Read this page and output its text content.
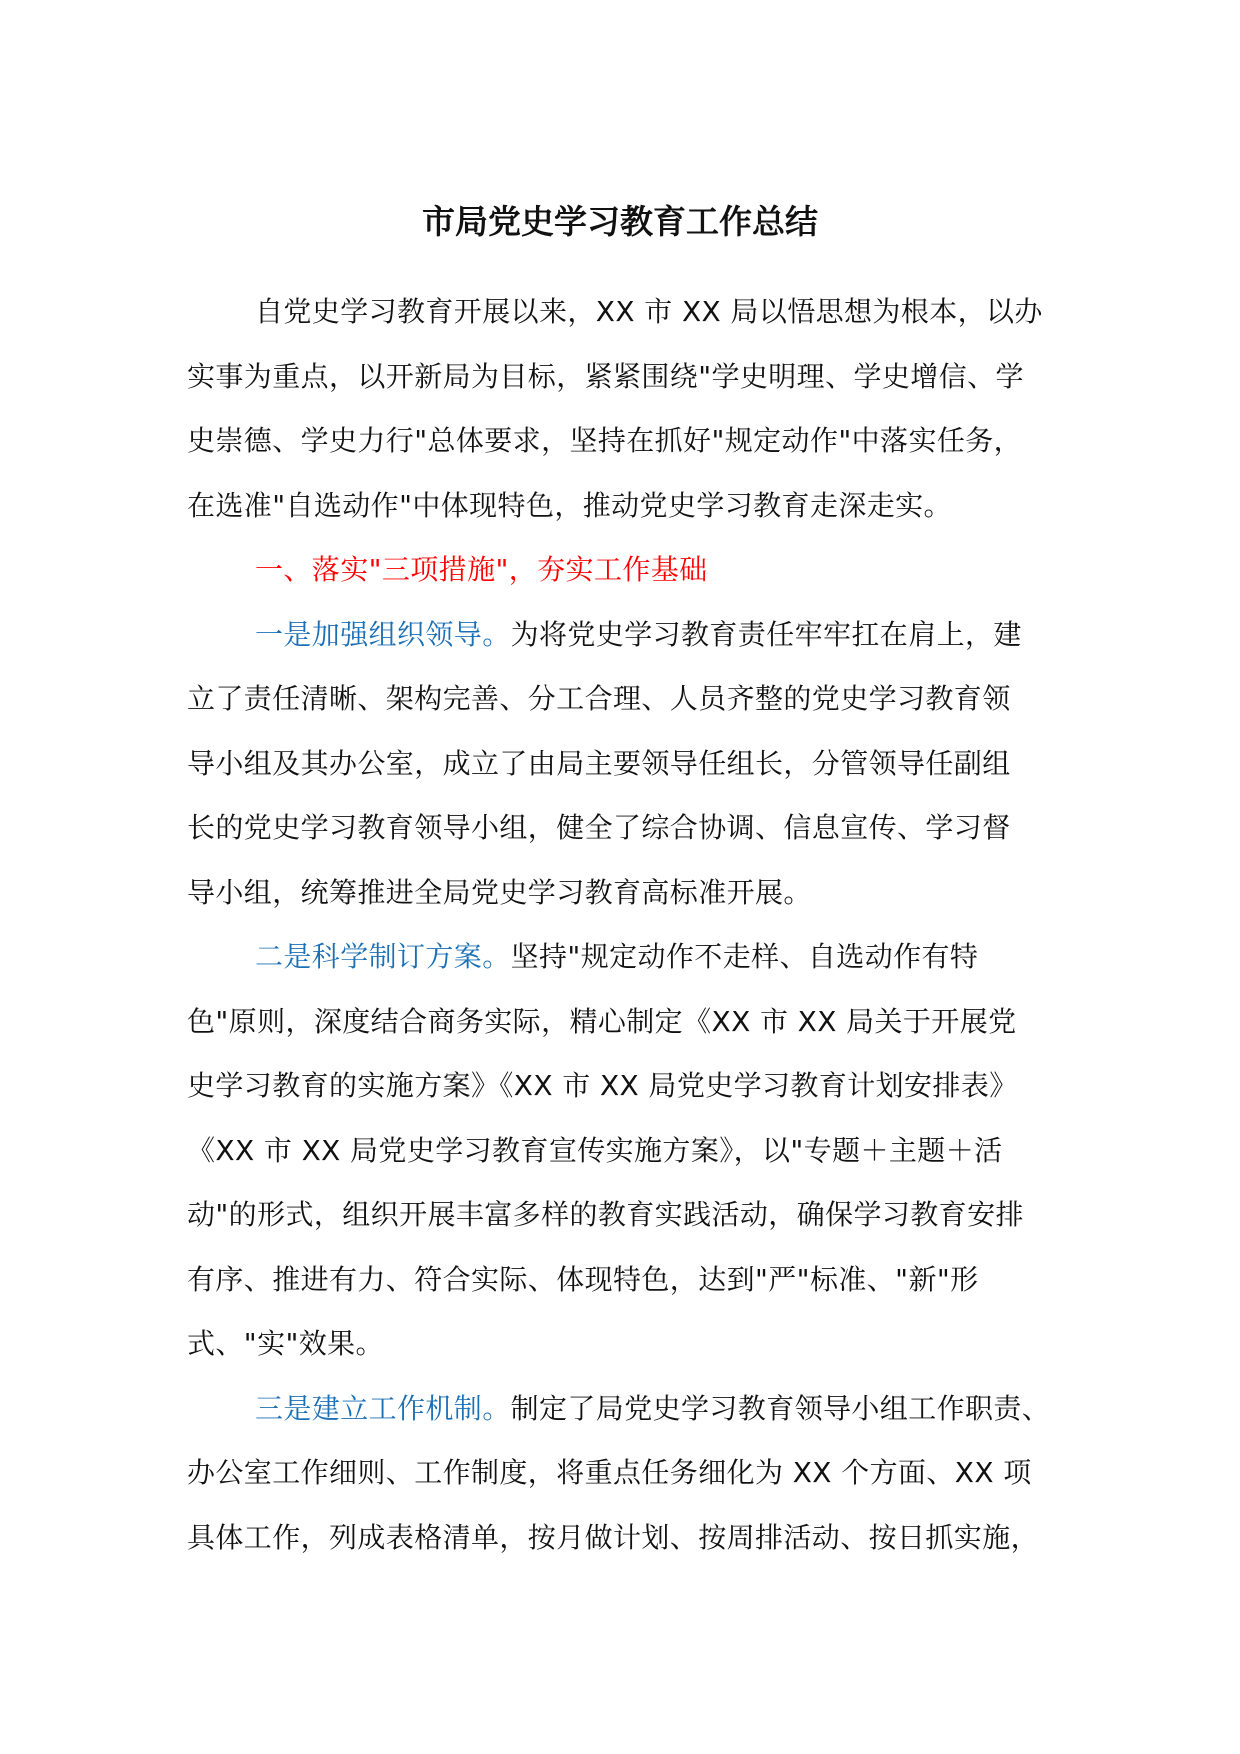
市局党史学习教育工作总结
自党史学习教育开展以来，XX 市 XX 局以悟思想为根本，以办
实事为重点，以开新局为目标，紧紧围绕"学史明理、学史增信、学
史崇德、学史力行"总体要求，坚持在抓好"规定动作"中落实任务，
在选准"自选动作"中体现特色，推动党史学习教育走深走实。
一、落实"三项措施"，夯实工作基础
一是加强组织领导。为将党史学习教育责任牢牢扛在肩上，建
立了责任清晰、架构完善、分工合理、人员齐整的党史学习教育领
导小组及其办公室，成立了由局主要领导任组长，分管领导任副组
长的党史学习教育领导小组，健全了综合协调、信息宣传、学习督
导小组，统筹推进全局党史学习教育高标准开展。
二是科学制订方案。坚持"规定动作不走样、自选动作有特
色"原则，深度结合商务实际，精心制定《XX 市 XX 局关于开展党
史学习教育的实施方案》《XX 市 XX 局党史学习教育计划安排表》
《XX 市 XX 局党史学习教育宣传实施方案》，以"专题＋主题＋活
动"的形式，组织开展丰富多样的教育实践活动，确保学习教育安排
有序、推进有力、符合实际、体现特色，达到"严"标准、"新"形
式、"实"效果。
三是建立工作机制。制定了局党史学习教育领导小组工作职责、
办公室工作细则、工作制度，将重点任务细化为 XX 个方面、XX 项
具体工作，列成表格清单，按月做计划、按周排活动、按日抓实施，
